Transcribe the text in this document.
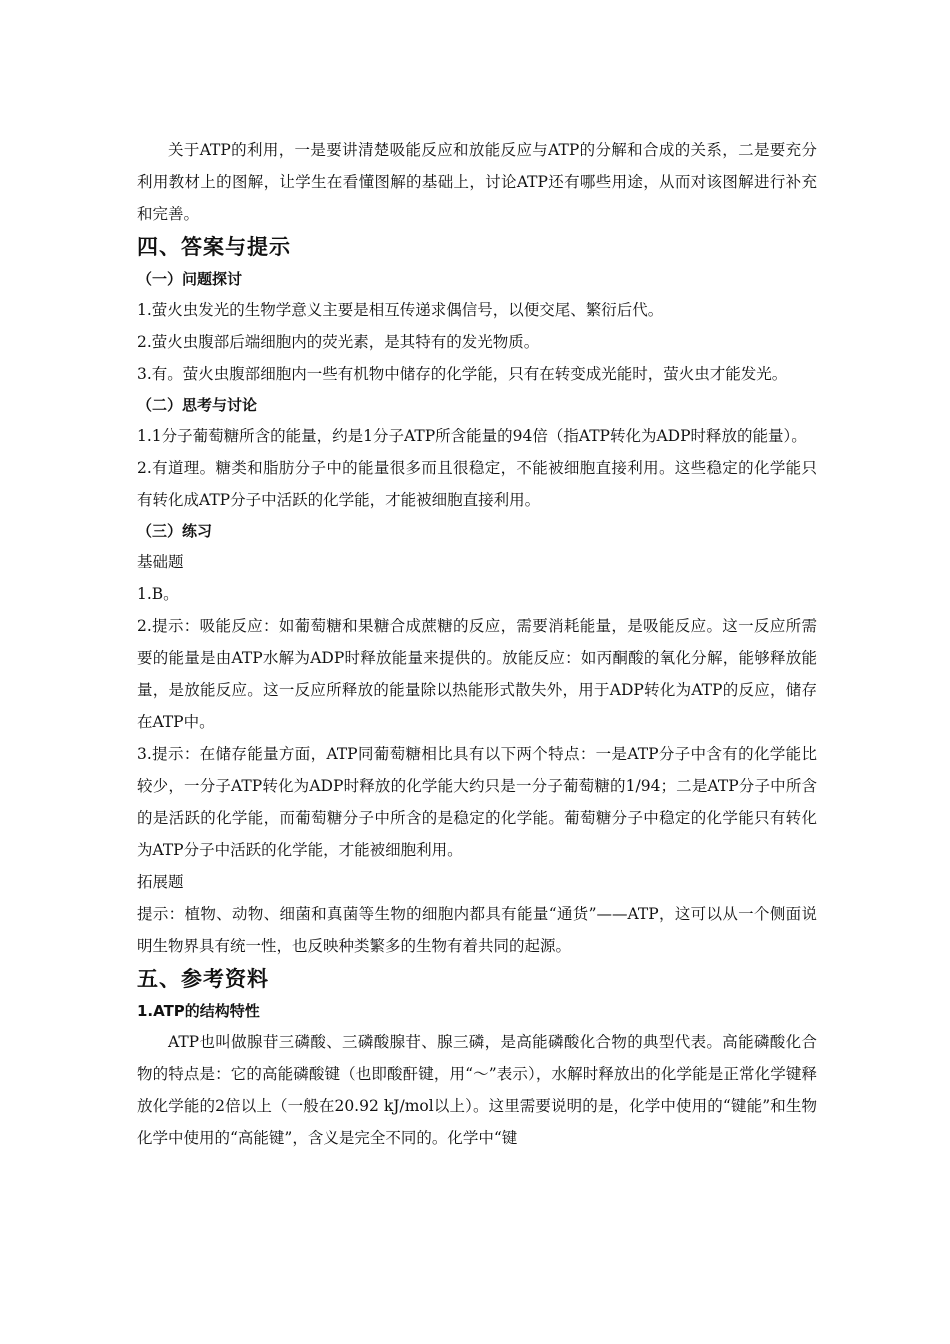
关于ATP的利用，一是要讲清楚吸能反应和放能反应与ATP的分解和合成的关系，二是要充分利用教材上的图解，让学生在看懂图解的基础上，讨论ATP还有哪些用途，从而对该图解进行补充和完善。

四、答案与提示
（一）问题探讨

1.萤火虫发光的生物学意义主要是相互传递求偶信号，以便交尾、繁衍后代。

2.萤火虫腹部后端细胞内的荧光素，是其特有的发光物质。

3.有。萤火虫腹部细胞内一些有机物中储存的化学能，只有在转变成光能时，萤火虫才能发光。

（二）思考与讨论

1.1分子葡萄糖所含的能量，约是1分子ATP所含能量的94倍（指ATP转化为ADP时释放的能量）。

2.有道理。糖类和脂肪分子中的能量很多而且很稳定，不能被细胞直接利用。这些稳定的化学能只有转化成ATP分子中活跃的化学能，才能被细胞直接利用。

（三）练习

基础题

1.B。

2.提示：吸能反应：如葡萄糖和果糖合成蔗糖的反应，需要消耗能量，是吸能反应。这一反应所需要的能量是由ATP水解为ADP时释放能量来提供的。放能反应：如丙酮酸的氧化分解，能够释放能量，是放能反应。这一反应所释放的能量除以热能形式散失外，用于ADP转化为ATP的反应，储存在ATP中。

3.提示：在储存能量方面，ATP同葡萄糖相比具有以下两个特点：一是ATP分子中含有的化学能比较少，一分子ATP转化为ADP时释放的化学能大约只是一分子葡萄糖的1/94；二是ATP分子中所含的是活跃的化学能，而葡萄糖分子中所含的是稳定的化学能。葡萄糖分子中稳定的化学能只有转化为ATP分子中活跃的化学能，才能被细胞利用。

拓展题

提示：植物、动物、细菌和真菌等生物的细胞内都具有能量“通货”——ATP，这可以从一个侧面说明生物界具有统一性，也反映种类繁多的生物有着共同的起源。

五、参考资料
1.ATP的结构特性

ATP也叫做腺苷三磷酸、三磷酸腺苷、腺三磷，是高能磷酸化合物的典型代表。高能磷酸化合物的特点是：它的高能磷酸键（也即酸酐键，用“～”表示），水解时释放出的化学能是正常化学键释放化学能的2倍以上（一般在20.92 kJ/mol以上）。这里需要说明的是，化学中使用的“键能”和生物化学中使用的“高能键”，含义是完全不同的。化学中“键
